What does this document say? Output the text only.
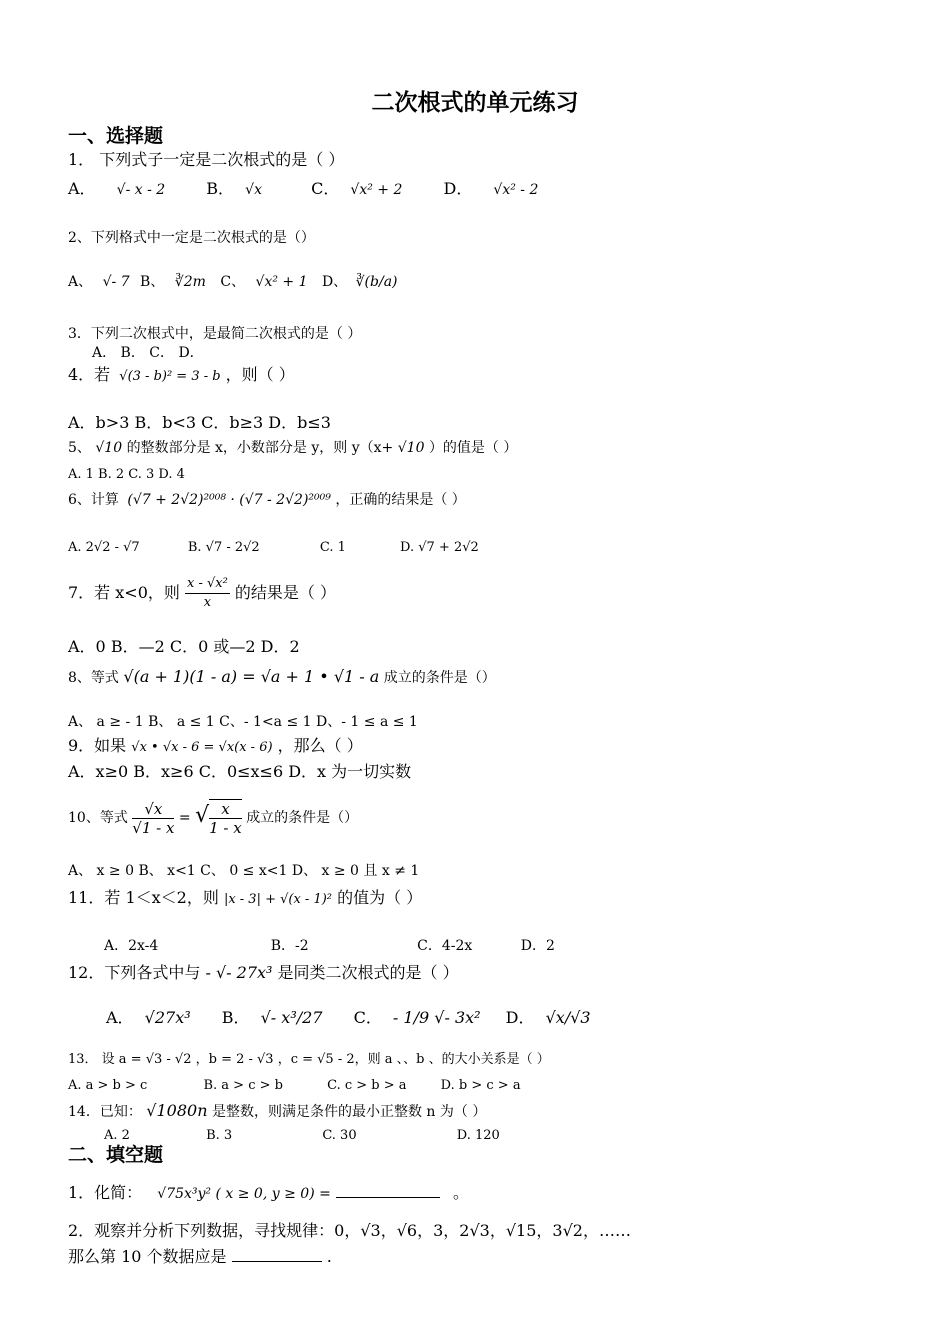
二次根式的单元练习
一、选择题
1． 下列式子一定是二次根式的是（ ）
A． √- x - 2	B． √x	C． √x² + 2	D． √x² - 2
2、下列格式中一定是二次根式的是（）
A、 √- 7 B、 ∛2m C、 √x² + 1 D、 ∛(b/a)
3．下列二次根式中，是最简二次根式的是（ ）
A． B． C． D．
4．若 √(3 - b)² = 3 - b ，则（ ）
A．b>3 B．b<3 C．b≥3 D．b≤3
5、 √10 的整数部分是 x，小数部分是 y，则 y（x+ √10 ）的值是（ ）
A. 1 B. 2 C. 3 D. 4
6、计算 (√7 + 2√2)²⁰⁰⁸ · (√7 - 2√2)²⁰⁰⁹ ，正确的结果是（ ）
A. 2√2 - √7	B. √7 - 2√2	C. 1	D. √7 + 2√2
7．若 x<0，则 $\frac{\text{x - √x²}}{x}$ 的结果是（ ）
A．0 B．—2 C．0 或—2 D．2
8、等式 √(a + 1)(1 - a) = √a + 1 • √1 - a 成立的条件是（）
A、 a ≥ - 1 B、 a ≤ 1 C、- 1<a ≤ 1 D、- 1 ≤ a ≤ 1
9．如果 √x • √x - 6 = √x(x - 6) ，那么（ ）
A．x≥0 B．x≥6 C．0≤x≤6 D．x 为一切实数
10、等式 $\frac{√x}{√1 - x}$ = √ $\frac{x}{1 - x}$ 成立的条件是（）
A、 x ≥ 0 B、 x<1 C、 0 ≤ x<1 D、 x ≥ 0 且 x ≠ 1
11．若 1＜x＜2，则 |x - 3| + √(x - 1)² 的值为（ ）
A．2x-4	B．-2	C．4-2x	D．2
12．下列各式中与 - √- 27x³ 是同类二次根式的是（ ）
A． √27x³ B． √- x³/27 C． - 1/9 √- 3x² D． √x/√3
13． 设 a = √3 - √2 ，b = 2 - √3 ，c = √5 - 2，则 a 、、b 、的大小关系是（ ）
A. a > b > c	B. a > c > b	C. c > b > a	D. b > c > a
14．已知： √1080n 是整数，则满足条件的最小正整数 n 为（ ）
A. 2	B. 3	C. 30	D. 120
二、填空题
1．化简： √75x³y² ( x ≥ 0, y ≥ 0) =	。
2．观察并分析下列数据，寻找规律：0，√3，√6，3，2√3，√15，3√2，……
那么第 10 个数据应是	.
